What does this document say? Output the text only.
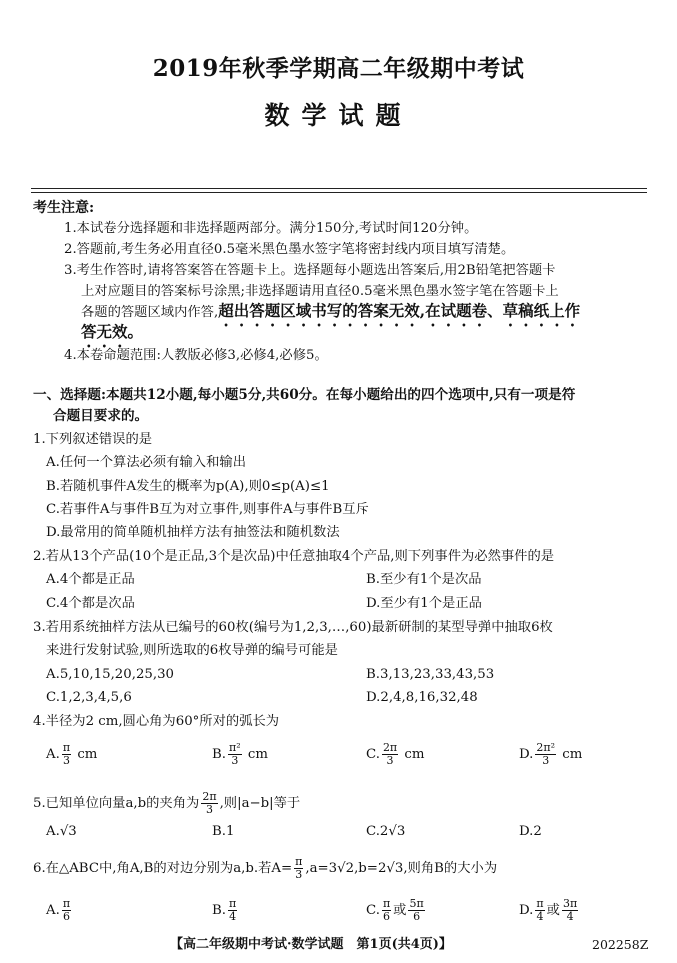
2019年秋季学期高二年级期中考试
数学试题
考生注意:
1.本试卷分选择题和非选择题两部分。满分150分,考试时间120分钟。
2.答题前,考生务必用直径0.5毫米黑色墨水签字笔将密封线内项目填写清楚。
3.考生作答时,请将答案答在答题卡上。选择题每小题选出答案后,用2B铅笔把答题卡
上对应题目的答案标号涂黑;非选择题请用直径0.5毫米黑色墨水签字笔在答题卡上
各题的答题区域内作答,超出答题区域书写的答案无效,在试题卷、草稿纸上作
答无效。
4.本卷命题范围:人教版必修3,必修4,必修5。
一、选择题:本题共12小题,每小题5分,共60分。在每小题给出的四个选项中,只有一项是符
合题目要求的。
1.下列叙述错误的是
A.任何一个算法必须有输入和输出
B.若随机事件A发生的概率为p(A),则0≤p(A)≤1
C.若事件A与事件B互为对立事件,则事件A与事件B互斥
D.最常用的简单随机抽样方法有抽签法和随机数法
2.若从13个产品(10个是正品,3个是次品)中任意抽取4个产品,则下列事件为必然事件的是
A.4个都是正品	B.至少有1个是次品
C.4个都是次品	D.至少有1个是正品
3.若用系统抽样方法从已编号的60枚(编号为1,2,3,…,60)最新研制的某型导弹中抽取6枚
来进行发射试验,则所选取的6枚导弹的编号可能是
A.5,10,15,20,25,30	B.3,13,23,33,43,53
C.1,2,3,4,5,6	D.2,4,8,16,32,48
4.半径为2 cm,圆心角为60°所对的弧长为
A. $\frac{\pi}{3}$ cm	B. $\frac{\text{π²}}{3}$ cm	C. $\frac{2\pi}{3}$ cm	D. $\frac{\text{2π²}}{3}$ cm
5.已知单位向量a,b的夹角为 $\frac{2\pi}{3}$ ,则|a−b|等于
A.√3	B.1	C.2√3	D.2
6.在△ABC中,角A,B的对边分别为a,b.若$A= \frac{\pi}{3} ,a=3√2,b=2√3$,则角B的大小为
A. $\frac{\pi}{6}$	B. $\frac{\pi}{4}$	C. $\frac{\pi}{6}$ 或 $\frac{5\pi}{6}$	D. $\frac{\pi}{4}$ 或 $\frac{3\pi}{4}$
【高二年级期中考试·数学试题　第1页(共4页)】	202258Z
